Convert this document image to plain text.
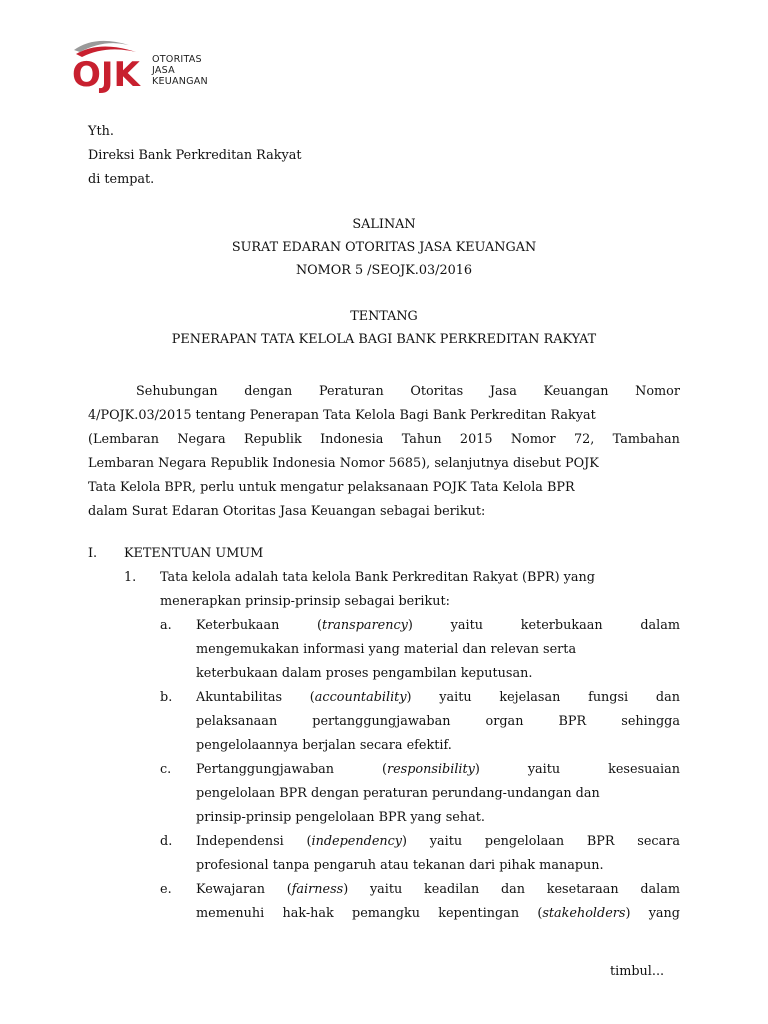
OJK OTORITAS
JASA
KEUANGAN
Yth.
Direksi Bank Perkreditan Rakyat
di tempat.
SALINAN
SURAT EDARAN OTORITAS JASA KEUANGAN
NOMOR 5 /SEOJK.03/2016
TENTANG
PENERAPAN TATA KELOLA BAGI BANK PERKREDITAN RAKYAT
Sehubungan dengan Peraturan Otoritas Jasa Keuangan Nomor
4/POJK.03/2015 tentang Penerapan Tata Kelola Bagi Bank Perkreditan Rakyat
(Lembaran Negara Republik Indonesia Tahun 2015 Nomor 72, Tambahan
Lembaran Negara Republik Indonesia Nomor 5685), selanjutnya disebut POJK
Tata Kelola BPR, perlu untuk mengatur pelaksanaan POJK Tata Kelola BPR
dalam Surat Edaran Otoritas Jasa Keuangan sebagai berikut:
I. KETENTUAN UMUM
1. Tata kelola adalah tata kelola Bank Perkreditan Rakyat (BPR) yang
menerapkan prinsip-prinsip sebagai berikut:
a. Keterbukaan	(transparency)	yaitu	keterbukaan	dalam
mengemukakan informasi yang material dan relevan serta
keterbukaan dalam proses pengambilan keputusan.
b. Akuntabilitas (accountability) yaitu kejelasan fungsi dan
pelaksanaan	pertanggungjawaban	organ	BPR	sehingga
pengelolaannya berjalan secara efektif.
c. Pertanggungjawaban	(responsibility)	yaitu	kesesuaian
pengelolaan BPR dengan peraturan perundang-undangan dan
prinsip-prinsip pengelolaan BPR yang sehat.
d. Independensi (independency) yaitu pengelolaan BPR secara
profesional tanpa pengaruh atau tekanan dari pihak manapun.
e. Kewajaran (fairness) yaitu keadilan dan kesetaraan dalam
memenuhi hak-hak pemangku kepentingan (stakeholders) yang
timbul...
